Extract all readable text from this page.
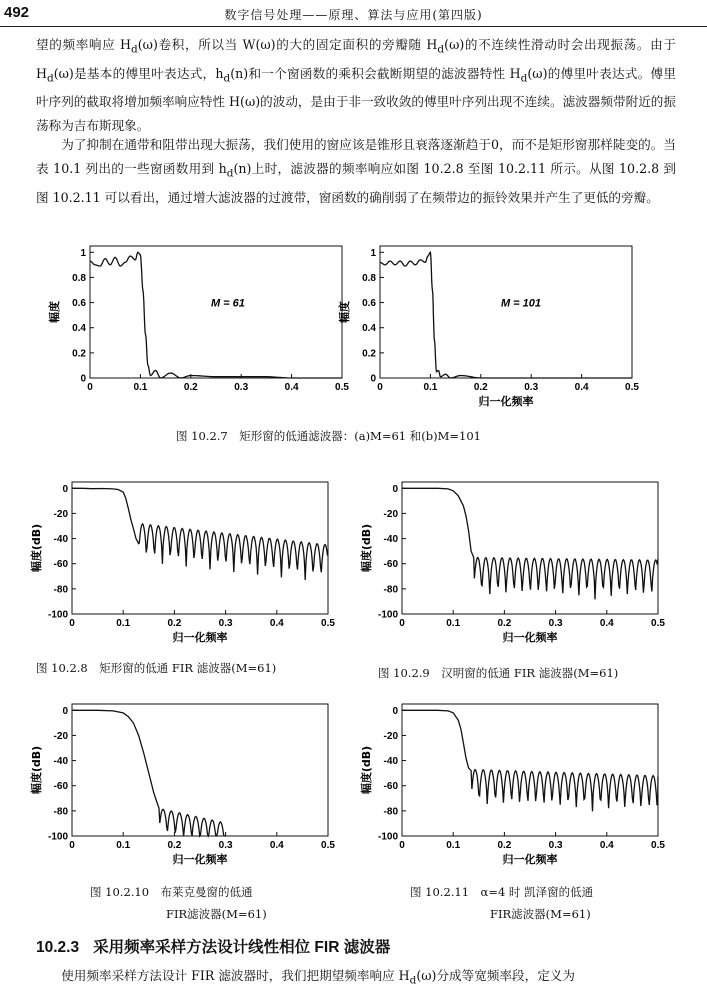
492	数字信号处理——原理、算法与应用(第四版)

望的频率响应 $H_d(\omega)$卷积，所以当 W(ω)的大的固定面积的旁瓣随 $H_d(\omega)$的不连续性滑动时会出现振荡。由于 $H_d(\omega)$是基本的傅里叶表达式，$h_d(n)$和一个窗函数的乘积会截断期望的滤波器特性 $H_d(\omega)$的傅里叶表达式。傅里叶序列的截取将增加频率响应特性 H(ω)的波动，是由于非一致收敛的傅里叶序列出现不连续。滤波器频带附近的振荡称为吉布斯现象。

为了抑制在通带和阻带出现大振荡，我们使用的窗应该是锥形且衰落逐渐趋于0，而不是矩形窗那样陡变的。当表 10.1 列出的一些窗函数用到 $h_d(n)$上时，滤波器的频率响应如图 10.2.8 至图 10.2.11 所示。从图 10.2.8 到图 10.2.11 可以看出，通过增大滤波器的过渡带，窗函数的确削弱了在频带边的振铃效果并产生了更低的旁瓣。

0	0.1	0.2	0.3	0.4	0.5
0
0.2
0.4
0.6
0.8
1
幅度	M = 61
0	0.1	0.2	0.3	0.4	0.5
0
0.2
0.4
0.6
0.8
1
归一化频率
幅度	M = 101
图 10.2.7　矩形窗的低通滤波器：(a)M=61 和(b)M=101
0	0.1	0.2	0.3	0.4	0.5
0
-20
-40
-60
-80
-100
归一化频率
幅度(dB)
0	0.1	0.2	0.3	0.4	0.5
0
-20
-40
-60
-80
-100
归一化频率
幅度(dB)
图 10.2.8　矩形窗的低通 FIR 滤波器(M=61)	图 10.2.9　汉明窗的低通 FIR 滤波器(M=61)
0	0.1	0.2	0.3	0.4	0.5
0
-20
-40
-60
-80
-100
归一化频率
幅度(dB)
0	0.1	0.2	0.3	0.4	0.5
0
-20
-40
-60
-80
-100
归一化频率
幅度(dB)
图 10.2.10　布莱克曼窗的低通
FIR滤波器(M=61)
图 10.2.11　α=4 时 凯泽窗的低通
FIR滤波器(M=61)
10.2.3 采用频率采样方法设计线性相位 FIR 滤波器

使用频率采样方法设计 FIR 滤波器时，我们把期望频率响应 $H_d(\omega)$分成等宽频率段，定义为
